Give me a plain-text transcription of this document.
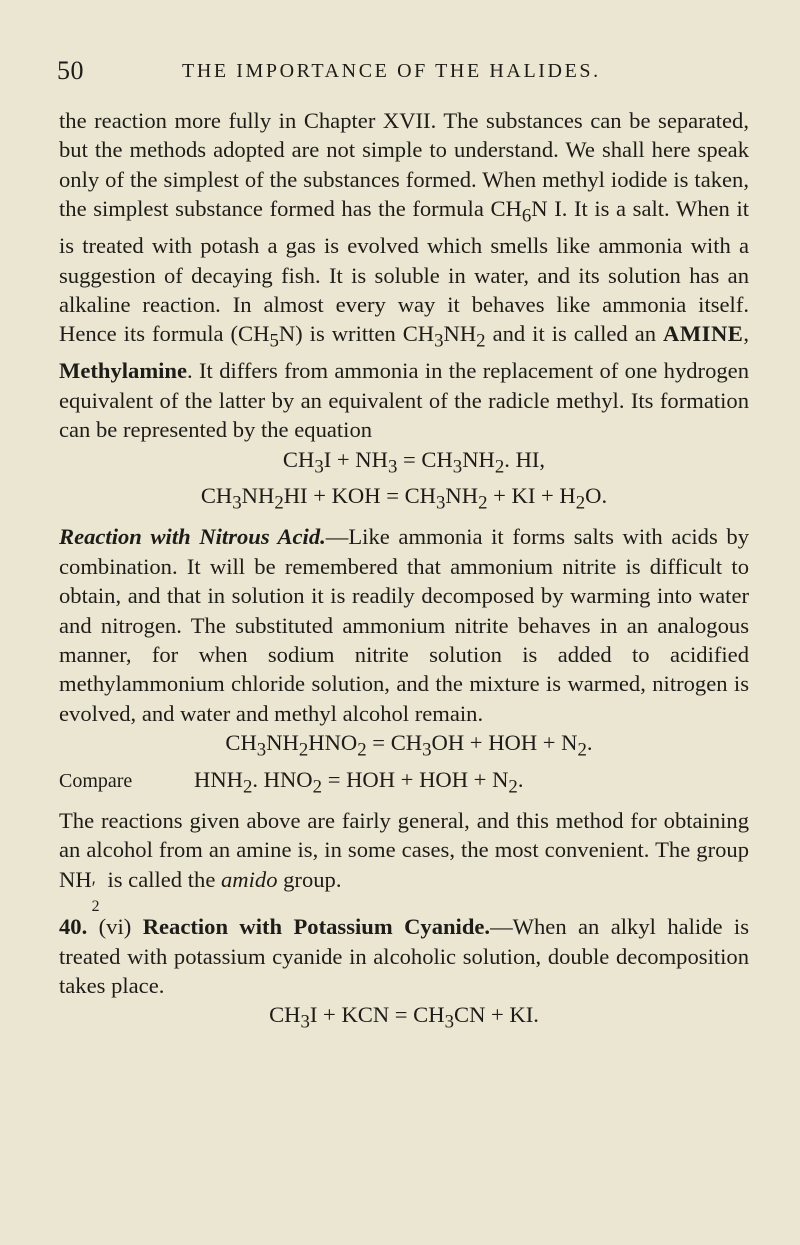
50	THE IMPORTANCE OF THE HALIDES.

the reaction more fully in Chapter XVII. The substances can be separated, but the methods adopted are not simple to understand. We shall here speak only of the simplest of the substances formed. When methyl iodide is taken, the simplest substance formed has the formula $CH_6N$ I. It is a salt. When it is treated with potash a gas is evolved which smells like ammonia with a suggestion of decaying fish. It is soluble in water, and its solution has an alkaline reaction. In almost every way it behaves like ammonia itself. Hence its formula $(CH_5N)$ is written $CH_3NH_2$ and it is called an AMINE, Methylamine. It differs from ammonia in the replacement of one hydrogen equivalent of the latter by an equivalent of the radicle methyl. Its formation can be represented by the equation

$CH_3I + NH_3 = CH_3NH_2$. HI,

$CH_3NH_2HI$ + KOH = $CH_3NH_2$ + KI + $H_2O$.

Reaction with Nitrous Acid.—Like ammonia it forms salts with acids by combination. It will be remembered that ammonium nitrite is difficult to obtain, and that in solution it is readily decomposed by warming into water and nitrogen. The substituted ammonium nitrite behaves in an analogous manner, for when sodium nitrite solution is added to acidified methylammonium chloride solution, and the mixture is warmed, nitrogen is evolved, and water and methyl alcohol remain.

$CH_3NH_2HNO_2 = CH_3OH$ + HOH + $N_2$.

Compare	$HNH_2$. $HNO_2$ = HOH + HOH + $N_2$.

The reactions given above are fairly general, and this method for obtaining an alcohol from an amine is, in some cases, the most convenient. The group NH ′
2
is called the amido group.

40. (vi) Reaction with Potassium Cyanide.—When an alkyl halide is treated with potassium cyanide in alcoholic solution, double decomposition takes place.

$CH_3I$ + KCN = $CH_3CN$ + KI.
